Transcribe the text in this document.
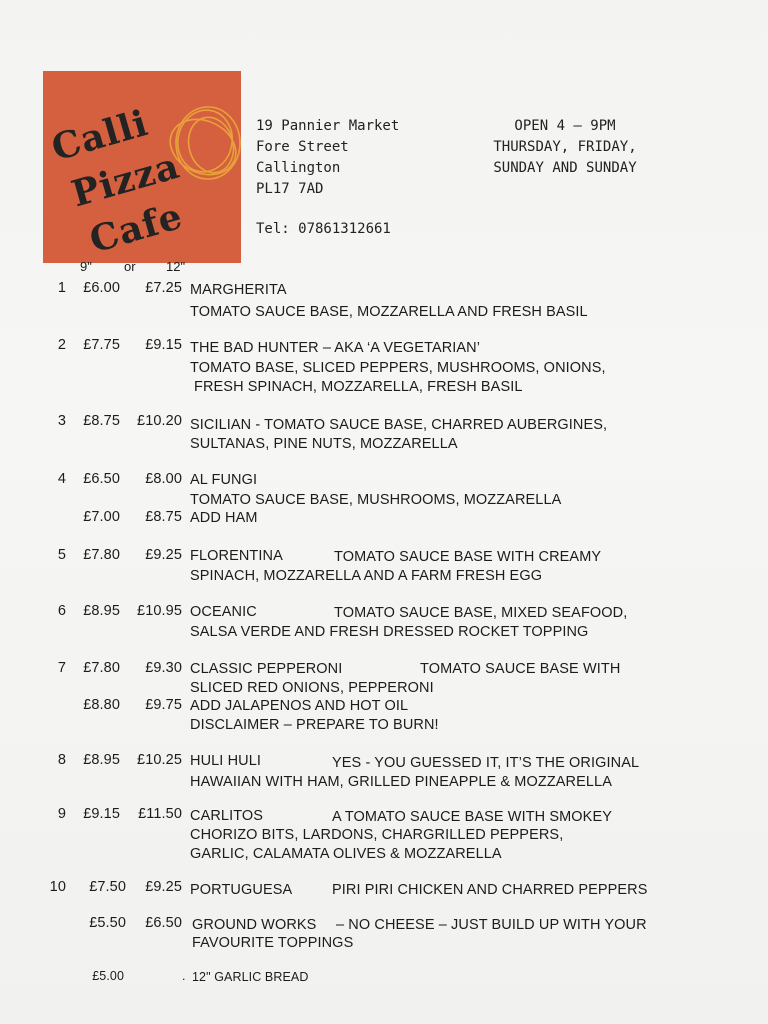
Calli
Pizza
Cafe
19 Pannier Market
Fore Street
Callington
PL17 7AD
Tel: 07861312661
OPEN 4 – 9PM
THURSDAY, FRIDAY,
SUNDAY AND SUNDAY
9" or 12"
1	£6.00	£7.25 MARGHERITA
TOMATO SAUCE BASE, MOZZARELLA AND FRESH BASIL
2	£7.75	£9.15 THE BAD HUNTER – AKA ‘A VEGETARIAN’
TOMATO BASE, SLICED PEPPERS, MUSHROOMS, ONIONS,
FRESH SPINACH, MOZZARELLA, FRESH BASIL
3	£8.75	£10.20 SICILIAN - TOMATO SAUCE BASE, CHARRED AUBERGINES,
SULTANAS, PINE NUTS, MOZZARELLA
4	£6.50	£8.00 AL FUNGI
TOMATO SAUCE BASE, MUSHROOMS, MOZZARELLA
£7.00	£8.75 ADD HAM
5	£7.80	£9.25 FLORENTINA	TOMATO SAUCE BASE WITH CREAMY
SPINACH, MOZZARELLA AND A FARM FRESH EGG
6	£8.95	£10.95 OCEANIC	TOMATO SAUCE BASE, MIXED SEAFOOD,
SALSA VERDE AND FRESH DRESSED ROCKET TOPPING
7	£7.80	£9.30 CLASSIC PEPPERONI	TOMATO SAUCE BASE WITH
SLICED RED ONIONS, PEPPERONI
£8.80	£9.75 ADD JALAPENOS AND HOT OIL
DISCLAIMER – PREPARE TO BURN!
8	£8.95	£10.25 HULI HULI	YES - YOU GUESSED IT, IT’S THE ORIGINAL
HAWAIIAN WITH HAM, GRILLED PINEAPPLE & MOZZARELLA
9	£9.15	£11.50 CARLITOS	A TOMATO SAUCE BASE WITH SMOKEY
CHORIZO BITS, LARDONS, CHARGRILLED PEPPERS,
GARLIC, CALAMATA OLIVES & MOZZARELLA
10	£7.50	£9.25 PORTUGUESA	PIRI PIRI CHICKEN AND CHARRED PEPPERS
£5.50	£6.50 GROUND WORKS – NO CHEESE – JUST BUILD UP WITH YOUR
FAVOURITE TOPPINGS
£5.00	. 12" GARLIC BREAD
